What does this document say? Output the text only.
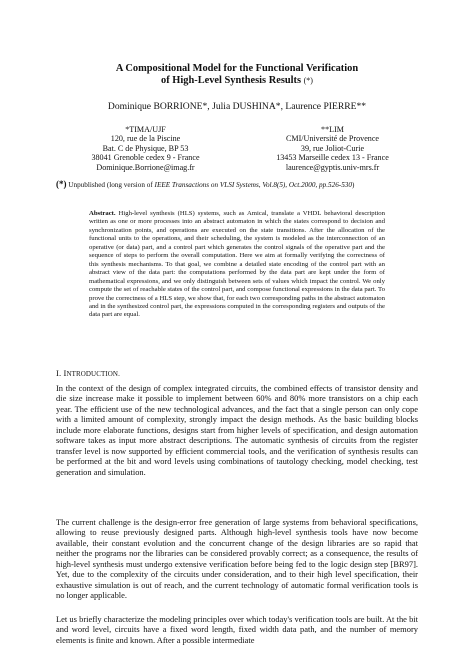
A Compositional Model for the Functional Verification
of High-Level Synthesis Results (*)
Dominique BORRIONE*, Julia DUSHINA*, Laurence PIERRE**
*TIMA/UJF
120, rue de la Piscine
Bat. C de Physique, BP 53
38041 Grenoble cedex 9 - France
Dominique.Borrione@imag.fr
**LIM
CMI/Université de Provence
39, rue Joliot-Curie
13453 Marseille cedex 13 - France
laurence@gyptis.univ-mrs.fr
(*) Unpublished (long version of IEEE Transactions on VLSI Systems, Vol.8(5), Oct.2000, pp.526-530)
Abstract. High-level synthesis (HLS) systems, such as Amical, translate a VHDL behavioral description written as one or more processes into an abstract automaton in which the states correspond to decision and synchronization points, and operations are executed on the state transitions. After the allocation of the functional units to the operations, and their scheduling, the system is modeled as the interconnection of an operative (or data) part, and a control part which generates the control signals of the operative part and the sequence of steps to perform the overall computation. Here we aim at formally verifying the correctness of this synthesis mechanisms. To that goal, we combine a detailed state encoding of the control part with an abstract view of the data part: the computations performed by the data part are kept under the form of mathematical expressions, and we only distinguish between sets of values which impact the control. We only compute the set of reachable states of the control part, and compose functional expressions in the data part. To prove the correctness of a HLS step, we show that, for each two corresponding paths in the abstract automaton and in the synthesized control part, the expressions computed in the corresponding registers and outputs of the data part are equal.
I. INTRODUCTION.
In the context of the design of complex integrated circuits, the combined effects of transistor density and die size increase make it possible to implement between 60% and 80% more transistors on a chip each year. The efficient use of the new technological advances, and the fact that a single person can only cope with a limited amount of complexity, strongly impact the design methods. As the basic building blocks include more elaborate functions, designs start from higher levels of specification, and design automation software takes as input more abstract descriptions. The automatic synthesis of circuits from the register transfer level is now supported by efficient commercial tools, and the verification of synthesis results can be performed at the bit and word levels using combinations of tautology checking, model checking, test generation and simulation.
The current challenge is the design-error free generation of large systems from behavioral specifications, allowing to reuse previously designed parts. Although high-level synthesis tools have now become available, their constant evolution and the concurrent change of the design libraries are so rapid that neither the programs nor the libraries can be considered provably correct; as a consequence, the results of high-level synthesis must undergo extensive verification before being fed to the logic design step [BR97]. Yet, due to the complexity of the circuits under consideration, and to their high level specification, their exhaustive simulation is out of reach, and the current technology of automatic formal verification tools is no longer applicable.
Let us briefly characterize the modeling principles over which today's verification tools are built. At the bit and word level, circuits have a fixed word length, fixed width data path, and the number of memory elements is finite and known. After a possible intermediate
